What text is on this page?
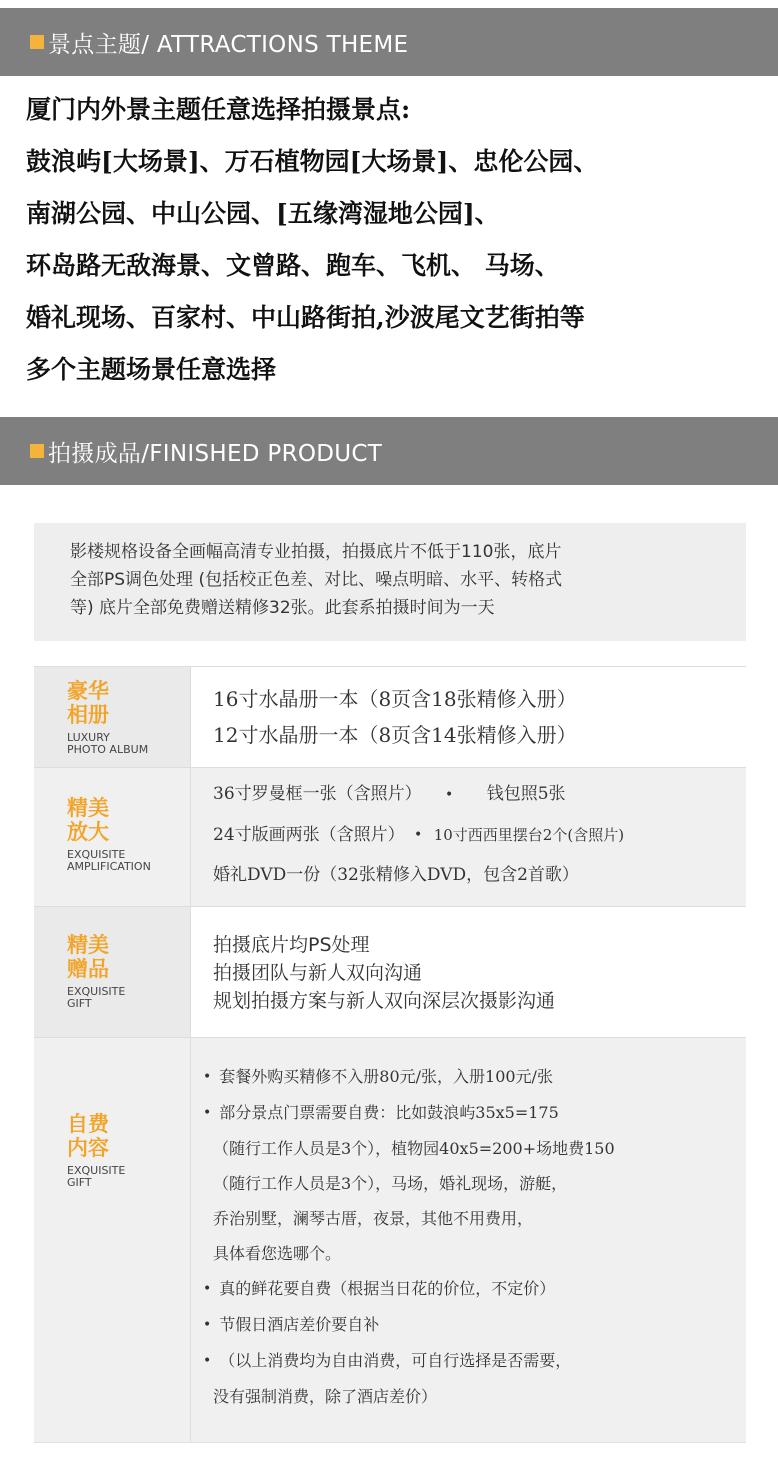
景点主题/ ATTRACTIONS THEME
厦门内外景主题任意选择拍摄景点:
鼓浪屿[大场景]、万石植物园[大场景]、忠伦公园、
南湖公园、中山公园、[五缘湾湿地公园]、
环岛路无敌海景、文曾路、跑车、飞机、 马场、
婚礼现场、百家村、中山路街拍,沙波尾文艺街拍等
多个主题场景任意选择
拍摄成品/FINISHED PRODUCT
影楼规格设备全画幅高清专业拍摄，拍摄底片不低于110张，底片
全部PS调色处理 (包括校正色差、对比、噪点明暗、水平、转格式
等) 底片全部免费赠送精修32张。此套系拍摄时间为一天
豪华
相册
LUXURY
PHOTO ALBUM
16寸水晶册一本（8页含18张精修入册）
12寸水晶册一本（8页含14张精修入册）
精美
放大
EXQUISITE
AMPLIFICATION
36寸罗曼框一张（含照片） • 钱包照5张
24寸版画两张（含照片） • 10寸西西里摆台2个(含照片)
婚礼DVD一份（32张精修入DVD，包含2首歌）
精美
赠品
EXQUISITE
GIFT
拍摄底片均PS处理
拍摄团队与新人双向沟通
规划拍摄方案与新人双向深层次摄影沟通
自费
内容
EXQUISITE
GIFT
• 套餐外购买精修不入册80元/张，入册100元/张
• 部分景点门票需要自费：比如鼓浪屿35x5=175
（随行工作人员是3个），植物园40x5=200+场地费150
（随行工作人员是3个），马场，婚礼现场，游艇，
乔治别墅，澜琴古厝，夜景，其他不用费用，
具体看您选哪个。
• 真的鲜花要自费（根据当日花的价位，不定价）
• 节假日酒店差价要自补
• （以上消费均为自由消费，可自行选择是否需要，
没有强制消费，除了酒店差价）
